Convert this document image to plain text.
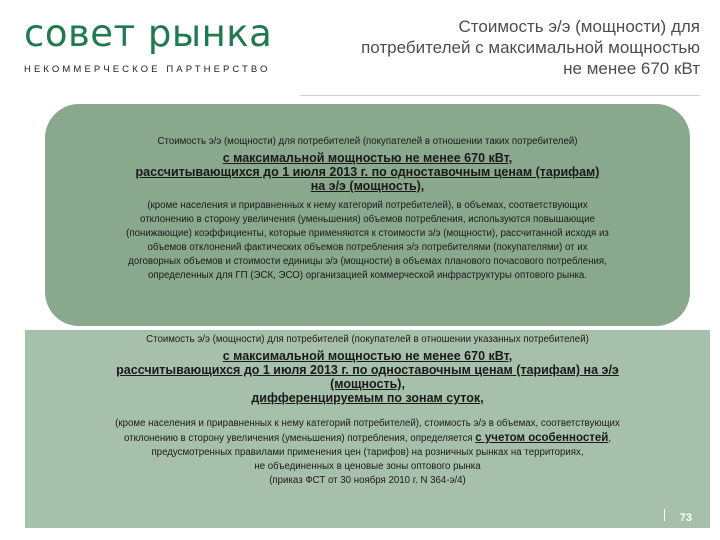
совет рынка
НЕКОММЕРЧЕСКОЕ ПАРТНЕРСТВО
Стоимость э/э (мощности) для
потребителей с максимальной мощностью
не менее 670 кВт
Стоимость э/э (мощности) для потребителей (покупателей в отношении таких потребителей)
с максимальной мощностью не менее 670 кВт,
рассчитывающихся до 1 июля 2013 г. по одноставочным ценам (тарифам)
на э/э (мощность),
(кроме населения и приравненных к нему категорий потребителей), в объемах, соответствующих
отклонению в сторону увеличения (уменьшения) объемов потребления, используются повышающие
(понижающие) коэффициенты, которые применяются к стоимости э/э (мощности), рассчитанной исходя из
объемов отклонений фактических объемов потребления э/э потребителями (покупателями) от их
договорных объемов и стоимости единицы э/э (мощности) в объемах планового почасового потребления,
определенных для ГП (ЭСК, ЭСО) организацией коммерческой инфраструктуры оптового рынка.
Стоимость э/э (мощности) для потребителей (покупателей в отношении указанных потребителей)
с максимальной мощностью не менее 670 кВт,
рассчитывающихся до 1 июля 2013 г. по одноставочным ценам (тарифам) на э/э
(мощность),
дифференцируемым по зонам суток,
(кроме населения и приравненных к нему категорий потребителей), стоимость э/э в объемах, соответствующих
отклонению в сторону увеличения (уменьшения) потребления, определяется с учетом особенностей,
предусмотренных правилами применения цен (тарифов) на розничных рынках на территориях,
не объединенных в ценовые зоны оптового рынка
(приказ ФСТ от 30 ноября 2010 г. N 364-э/4)
73
